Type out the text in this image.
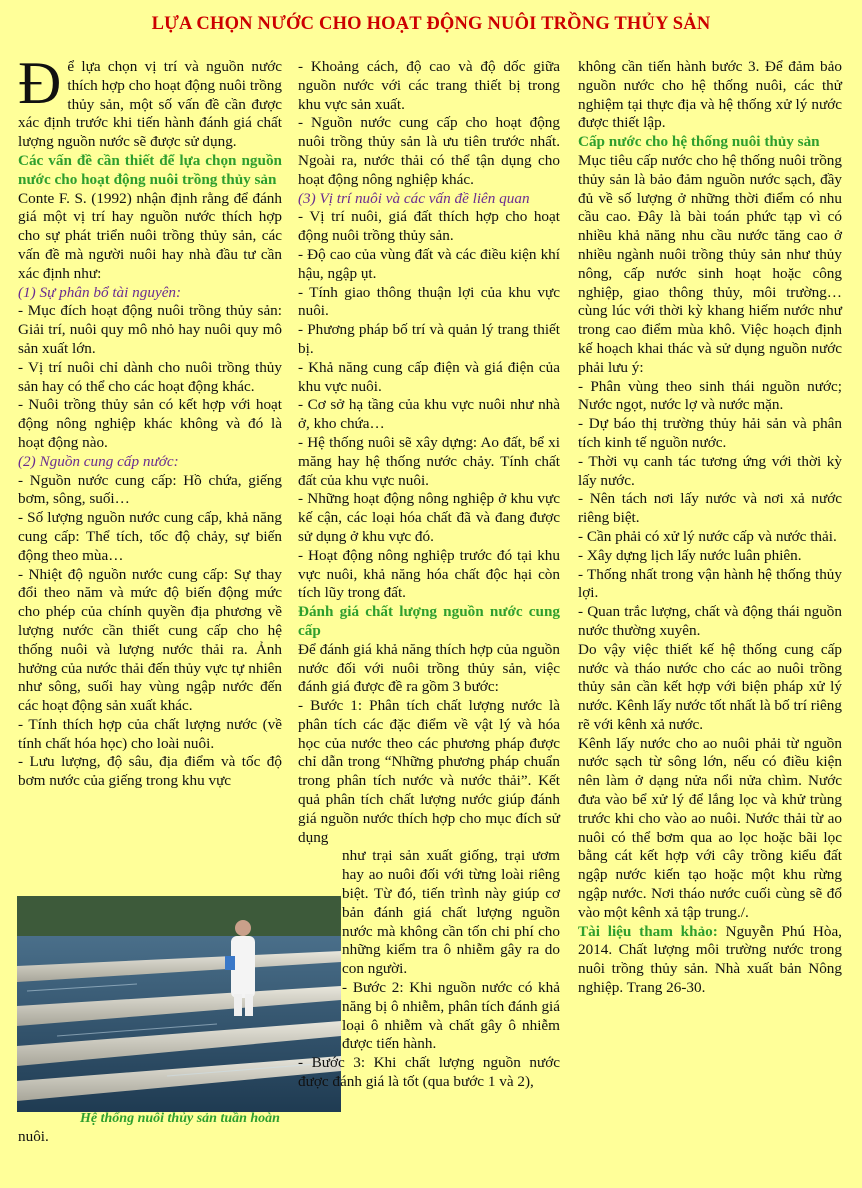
LỰA CHỌN NƯỚC CHO HOẠT ĐỘNG NUÔI TRỒNG THỦY SẢN

Để lựa chọn vị trí và nguồn nước thích hợp cho hoạt động nuôi trồng thủy sản, một số vấn đề cần được xác định trước khi tiến hành đánh giá chất lượng nguồn nước sẽ được sử dụng.

Các vấn đề cần thiết để lựa chọn nguồn nước cho hoạt động nuôi trồng thủy sản

Conte F. S. (1992) nhận định rằng để đánh giá một vị trí hay nguồn nước thích hợp cho sự phát triển nuôi trồng thủy sản, các vấn đề mà người nuôi hay nhà đầu tư cần xác định như:

(1) Sự phân bổ tài nguyên:

- Mục đích hoạt động nuôi trồng thủy sản: Giải trí, nuôi quy mô nhỏ hay nuôi quy mô sản xuất lớn.

- Vị trí nuôi chỉ dành cho nuôi trồng thủy sản hay có thể cho các hoạt động khác.

- Nuôi trồng thủy sản có kết hợp với hoạt động nông nghiệp khác không và đó là hoạt động nào.

(2) Nguồn cung cấp nước:

- Nguồn nước cung cấp: Hồ chứa, giếng bơm, sông, suối…

- Số lượng nguồn nước cung cấp, khả năng cung cấp: Thể tích, tốc độ chảy, sự biến động theo mùa…

- Nhiệt độ nguồn nước cung cấp: Sự thay đổi theo năm và mức độ biến động mức cho phép của chính quyền địa phương về lượng nước cần thiết cung cấp cho hệ thống nuôi và lượng nước thải ra. Ảnh hưởng của nước thải đến thủy vực tự nhiên như sông, suối hay vùng ngập nước đến các hoạt động sản xuất khác.

- Tính thích hợp của chất lượng nước (về tính chất hóa học) cho loài nuôi.

- Lưu lượng, độ sâu, địa điểm và tốc độ bơm nước của giếng trong khu vực

Hệ thống nuôi thủy sản tuần hoàn
nuôi.

- Khoảng cách, độ cao và độ dốc giữa nguồn nước với các trang thiết bị trong khu vực sản xuất.

- Nguồn nước cung cấp cho hoạt động nuôi trồng thủy sản là ưu tiên trước nhất. Ngoài ra, nước thải có thể tận dụng cho hoạt động nông nghiệp khác.

(3) Vị trí nuôi và các vấn đề liên quan

- Vị trí nuôi, giá đất thích hợp cho hoạt động nuôi trồng thủy sản.

- Độ cao của vùng đất và các điều kiện khí hậu, ngập ụt.

- Tính giao thông thuận lợi của khu vực nuôi.

- Phương pháp bố trí và quản lý trang thiết bị.

- Khả năng cung cấp điện và giá điện của khu vực nuôi.

- Cơ sở hạ tầng của khu vực nuôi như nhà ở, kho chứa…

- Hệ thống nuôi sẽ xây dựng: Ao đất, bể xi măng hay hệ thống nước chảy. Tính chất đất của khu vực nuôi.

- Những hoạt động nông nghiệp ở khu vực kế cận, các loại hóa chất đã và đang được sử dụng ở khu vực đó.

- Hoạt động nông nghiệp trước đó tại khu vực nuôi, khả năng hóa chất độc hại còn tích lũy trong đất.

Đánh giá chất lượng nguồn nước cung cấp

Để đánh giá khả năng thích hợp của nguồn nước đối với nuôi trồng thủy sản, việc đánh giá được đề ra gồm 3 bước:

- Bước 1: Phân tích chất lượng nước là phân tích các đặc điểm về vật lý và hóa học của nước theo các phương pháp được chỉ dẫn trong “Những phương pháp chuẩn trong phân tích nước và nước thải”. Kết quả phân tích chất lượng nước giúp đánh giá nguồn nước thích hợp cho mục đích sử dụng

như trại sản xuất giống, trại ươm hay ao nuôi đối với từng loài riêng biệt. Từ đó, tiến trình này giúp cơ bản đánh giá chất lượng nguồn nước mà không cần tốn chi phí cho những kiểm tra ô nhiễm gây ra do con người.

- Bước 2: Khi nguồn nước có khả năng bị ô nhiễm, phân tích đánh giá loại ô nhiễm và chất gây ô nhiễm được tiến hành.

- Bước 3: Khi chất lượng nguồn nước được đánh giá là tốt (qua bước 1 và 2),

không cần tiến hành bước 3. Để đảm bảo nguồn nước cho hệ thống nuôi, các thử nghiệm tại thực địa và hệ thống xử lý nước được thiết lập.

Cấp nước cho hệ thống nuôi thủy sản

Mục tiêu cấp nước cho hệ thống nuôi trồng thủy sản là bảo đảm nguồn nước sạch, đầy đủ về số lượng ở những thời điểm có nhu cầu cao. Đây là bài toán phức tạp vì có nhiều khả năng nhu cầu nước tăng cao ở nhiều ngành nuôi trồng thủy sản như thủy nông, cấp nước sinh hoạt hoặc công nghiệp, giao thông thủy, môi trường… cùng lúc với thời kỳ khang hiếm nước như trong cao điểm mùa khô. Việc hoạch định kế hoạch khai thác và sử dụng nguồn nước phải lưu ý:

- Phân vùng theo sinh thái nguồn nước; Nước ngọt, nước lợ và nước mặn.

- Dự báo thị trường thủy hải sản và phân tích kinh tế nguồn nước.

- Thời vụ canh tác tương ứng với thời kỳ lấy nước.

- Nên tách nơi lấy nước và nơi xả nước riêng biệt.

- Cần phải có xử lý nước cấp và nước thải.

- Xây dựng lịch lấy nước luân phiên.

- Thống nhất trong vận hành hệ thống thủy lợi.

- Quan trắc lượng, chất và động thái nguồn nước thường xuyên.

Do vậy việc thiết kế hệ thống cung cấp nước và tháo nước cho các ao nuôi trồng thủy sản cần kết hợp với biện pháp xử lý nước. Kênh lấy nước tốt nhất là bố trí riêng rẽ với kênh xả nước.

Kênh lấy nước cho ao nuôi phải từ nguồn nước sạch từ sông lớn, nếu có điều kiện nên làm ở dạng nửa nổi nửa chìm. Nước đưa vào bể xử lý để lắng lọc và khử trùng trước khi cho vào ao nuôi. Nước thải từ ao nuôi có thể bơm qua ao lọc hoặc bãi lọc bằng cát kết hợp với cây trồng kiểu đất ngập nước kiến tạo hoặc một khu rừng ngập nước. Nơi tháo nước cuối cùng sẽ đổ vào một kênh xả tập trung./.

Tài liệu tham khảo: Nguyễn Phú Hòa, 2014. Chất lượng môi trường nước trong nuôi trồng thủy sản. Nhà xuất bản Nông nghiệp. Trang 26-30.
